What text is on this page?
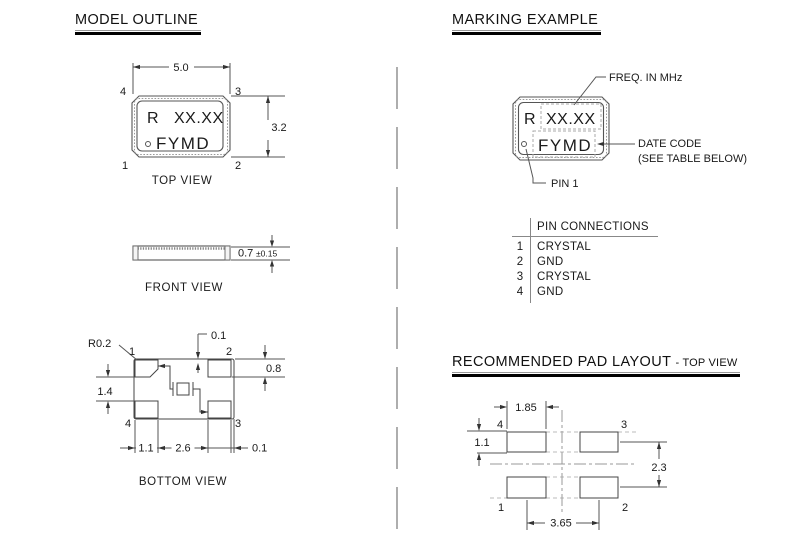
MODEL OUTLINE	MARKING EXAMPLE
RECOMMENDED PAD LAYOUT - TOP VIEW
5.0
4	3
1	2
R XX.XX
FYMD
3.2
TOP VIEW
0.7 ±0.15
FRONT VIEW
R0.2
1	2
4	3
0.1
0.8
1.4
1.1 2.6	0.1
BOTTOM VIEW
R XX.XX
FYMD
FREQ. IN MHz
DATE CODE
(SEE TABLE BELOW)
PIN 1
PIN CONNECTIONS
1	CRYSTAL
2	GND
3	CRYSTAL
4	GND
4	3
1	2
1.85
1.1
2.3
3.65
